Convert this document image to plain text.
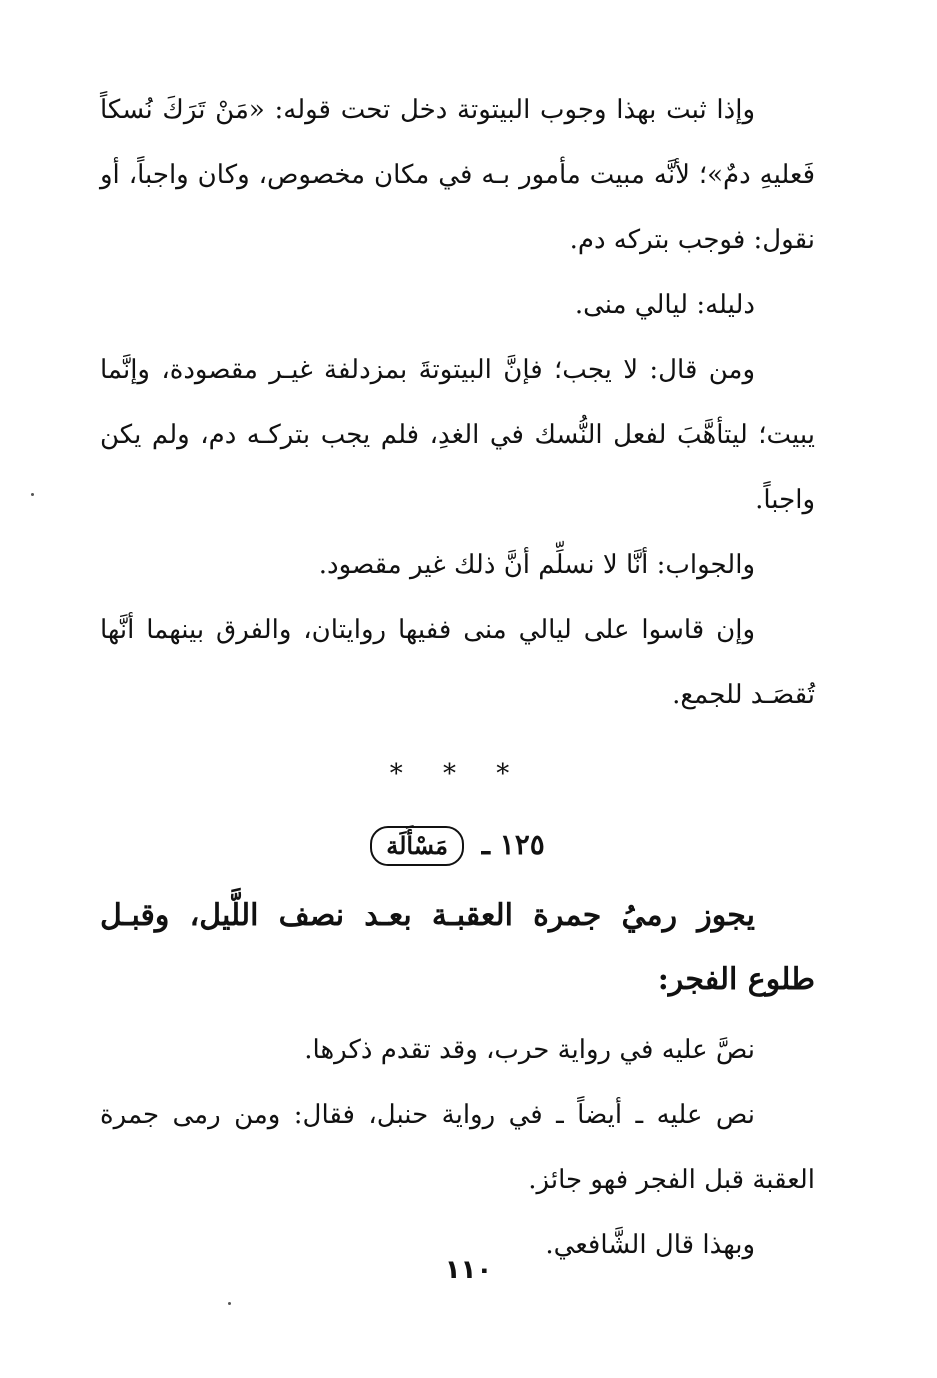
وإذا ثبت بهذا وجوب البيتوتة دخل تحت قوله: «مَنْ تَرَكَ نُسكاً فَعليهِ دمٌ»؛ لأنَّه مبيت مأمور بـه في مكان مخصوص، وكان واجباً، أو نقول: فوجب بتركه دم.

دليله: ليالي منى.

ومن قال: لا يجب؛ فإنَّ البيتوتةَ بمزدلفة غيـر مقصودة، وإنَّما يبيت؛ ليتأهَّبَ لفعل النُّسك في الغدِ، فلم يجب بتركـه دم، ولم يكن واجباً.

والجواب: أنَّا لا نسلِّم أنَّ ذلك غير مقصود.

وإن قاسوا على ليالي منى ففيها روايتان، والفرق بينهما أنَّها تُقصَـد للجمع.

* * *
١٢٥ ـ مَسْأَلَة

يجوز رميُ جمرة العقبـة بعـد نصف اللَّيل، وقبـل طلوع الفجر:

نصَّ عليه في رواية حرب، وقد تقدم ذكرها.

نص عليه ـ أيضاً ـ في رواية حنبل، فقال: ومن رمى جمرة العقبة قبل الفجر فهو جائز.

وبهذا قال الشَّافعي.

١١٠
